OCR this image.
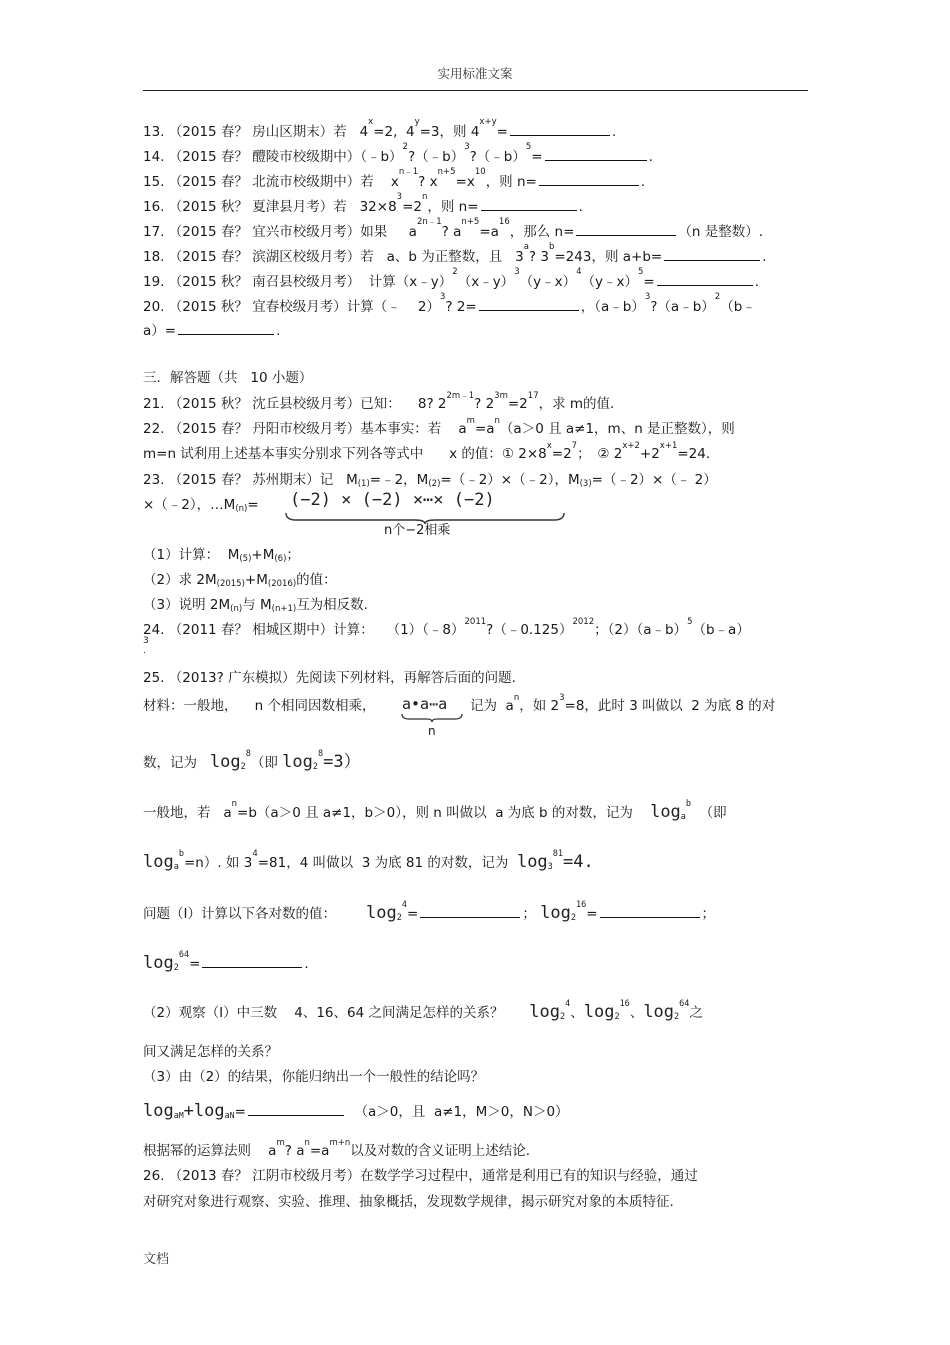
实用标准文案
13. （2015 春？ 房山区期末）若 $4^x=2$, $4^y=3$，则 $4^{x+y}=$	.
14. （2015 春？ 醴陵市校级期中）（﹣b）$^2$?（﹣b）$^3$?（﹣b）$^5$=	.
15. （2015 春？ 北流市校级期中）若 $x^{n﹣1}$? $x^{n+5}=x^{10}$，则 n=	.
16. （2015 秋？ 夏津县月考）若 $32\times 8^3=2^n$，则 n=	.
17. （2015 春？ 宜兴市校级月考）如果 $a^{2n﹣1}$? $a^{n+5}=a^{16}$，那么 n=	（n 是整数）.
18. （2015 春？ 滨湖区校级月考）若 a、b 为正整数，且 3$^a$? $3^b=243$，则 a+b=	.
19. （2015 秋？ 南召县校级月考） 计算（x﹣y）$^2$（x﹣y）$^3$（y﹣x）$^4$（y﹣x）$^5$=	.
20. （2015 秋？ 宜春校级月考）计算（﹣ 2）$^3$? 2=	，（a﹣b）$^3$?（a﹣b）$^2$（b﹣
a）=	.
三．解答题（共 10 小题）
21. （2015 秋？ 沈丘县校级月考）已知： 8? $2^{2m﹣1}$? $2^{3m}=2^{17}$，求 m的值.
22. （2015 春？ 丹阳市校级月考）基本事实：若 $a^m=a^n(a>0$ 且 a≠1，m、n 是正整数），则
m=n 试利用上述基本事实分别求下列各等式中 x 的值：① $2\times 8^x=2^7$；　② $2^{x+2}+2^{x+1}=24$.
23. （2015 春？ 苏州期末）记 $M_{(1)}=﹣2$，$M_{(2)}=(﹣2)\times(﹣2)$，$M_{(3)}=(﹣2)\times(﹣$ 2）
×（﹣2），$\dots M_{(n)}= (-2) \times (-2)$ ×⋯× (−2)
n个−2相乘
（1）计算： $M_{(5)}+M_{(6)}$；
（2）求 $2M_{(2015)}+M_{(2016)}$的值：
（3）说明 $2M_{(n)}$与 $M_{(n+1)}$互为相反数.
24. （2011 春？ 相城区期中）计算： （1）（﹣8）$^{2011}$?（﹣0.125）$^{2012}$；（2）（a﹣b）$^5$（b﹣a）
3
.
25. （2013? 广东模拟）先阅读下列材料，再解答后面的问题.
材料：一般地， n 个相同因数相乘，	记为 $a^n$，如 $2^3=8$，此时 3 叫做以 2 为底 8 的对
a•a⋯a
n
数，记为 $\log_2^8$（即 $\log_2^8=3$）
一般地，若 $a^n=b(a>0$ 且 a≠1，b＞0），则 n 叫做以 a 为底 b 的对数，记为 $\log_a^b$  （即
$\log_a^b=n$）. 如 $3^4=81$，4 叫做以 3 为底 81 的对数，记为 $\log_3^{81}=4$.
问题（Ⅰ）计算以下各对数的值： $\log_2^4=$	； $\log_2^{16}=$	；
$\log_2^{64}=$	.
（2）观察（Ⅰ）中三数 4、16、64 之间满足怎样的关系？ $\log_2^4$、$\log_2^{16}$、$\log_2^{64}$之
间又满足怎样的关系？
（3）由（2）的结果，你能归纳出一个一般性的结论吗？
$\log_{aM}+\log_{aN}=$	（a＞0，且 a≠1，M＞0，N＞0）
根据幂的运算法则 $a^m$? $a^n=a^{m+n}$以及对数的含义证明上述结论.
26. （2013 春？ 江阴市校级月考）在数学学习过程中，通常是利用已有的知识与经验，通过
对研究对象进行观察、实验、推理、抽象概括，发现数学规律，揭示研究对象的本质特征.
文档
